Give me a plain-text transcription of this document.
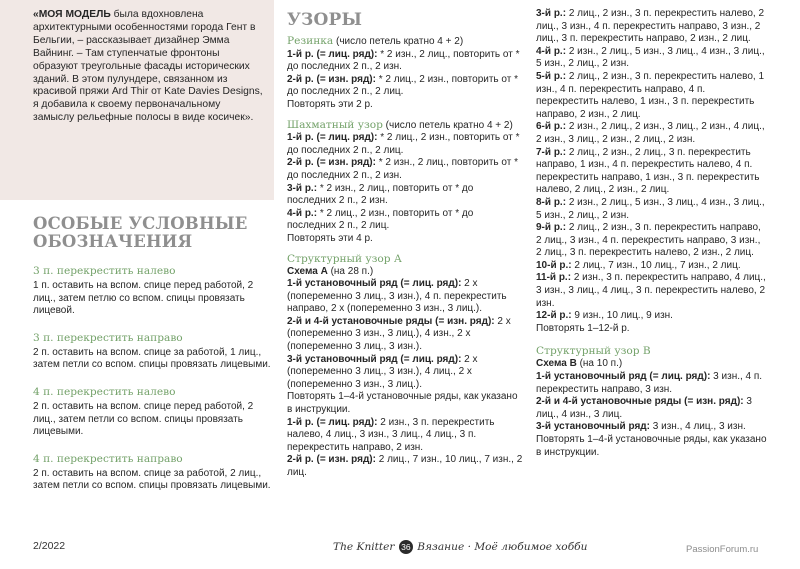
«МОЯ МОДЕЛЬ была вдохновлена архитектурными особенностями города Гент в Бельгии, – рассказывает дизайнер Эмма Вайнинг. – Там ступенчатые фронтоны образуют треугольные фасады исторических зданий. В этом пулундере, связанном из красивой пряжи Ard Thir от Kate Davies Designs, я добавила к своему первоначальному замыслу рельефные полосы в виде косичек».

ОСОБЫЕ УСЛОВНЫЕ ОБОЗНАЧЕНИЯ
3 п. перекрестить налево

1 п. оставить на вспом. спице перед работой, 2 лиц., затем петлю со вспом. спицы провязать лицевой.

3 п. перекрестить направо

2 п. оставить на вспом. спице за работой, 1 лиц., затем петли со вспом. спицы провязать лицевыми.

4 п. перекрестить налево

2 п. оставить на вспом. спице перед работой, 2 лиц., затем петли со вспом. спицы провязать лицевыми.

4 п. перекрестить направо

2 п. оставить на вспом. спице за работой, 2 лиц., затем петли со вспом. спицы провязать лицевыми.

УЗОРЫ

Резинка (число петель кратно 4 + 2)

1-й р. (= лиц. ряд): * 2 изн., 2 лиц., повторить от * до последних 2 п., 2 изн.

2-й р. (= изн. ряд): * 2 лиц., 2 изн., повторить от * до последних 2 п., 2 лиц.

Повторять эти 2 р.

Шахматный узор (число петель кратно 4 + 2)

1-й р. (= лиц. ряд): * 2 лиц., 2 изн., повторить от * до последних 2 п., 2 лиц.

2-й р. (= изн. ряд): * 2 изн., 2 лиц., повторить от * до последних 2 п., 2 изн.

3-й р.: * 2 изн., 2 лиц., повторить от * до последних 2 п., 2 изн.

4-й р.: * 2 лиц., 2 изн., повторить от * до последних 2 п., 2 лиц.

Повторять эти 4 р.

Структурный узор А

Схема А (на 28 п.)

1-й установочный ряд (= лиц. ряд): 2 х (попеременно 3 лиц., 3 изн.), 4 п. перекрестить направо, 2 х (попеременно 3 изн., 3 лиц.).

2-й и 4-й установочные ряды (= изн. ряд): 2 х (попеременно 3 изн., 3 лиц.), 4 изн., 2 х (попеременно 3 лиц., 3 изн.).

3-й установочный ряд (= лиц. ряд): 2 х (попеременно 3 лиц., 3 изн.), 4 лиц., 2 х (попеременно 3 изн., 3 лиц.).

Повторять 1–4-й установочные ряды, как указано в инструкции.

1-й р. (= лиц. ряд): 2 изн., 3 п. перекрестить налево, 4 лиц., 3 изн., 3 лиц., 4 лиц., 3 п. перекрестить направо, 2 изн.

2-й р. (= изн. ряд): 2 лиц., 7 изн., 10 лиц., 7 изн., 2 лиц.

3-й р.: 2 лиц., 2 изн., 3 п. перекрестить налево, 2 лиц., 3 изн., 4 п. перекрестить направо, 3 изн., 2 лиц., 3 п. перекрестить направо, 2 изн., 2 лиц.

4-й р.: 2 изн., 2 лиц., 5 изн., 3 лиц., 4 изн., 3 лиц., 5 изн., 2 лиц., 2 изн.

5-й р.: 2 лиц., 2 изн., 3 п. перекрестить налево, 1 изн., 4 п. перекрестить направо, 4 п. перекрестить налево, 1 изн., 3 п. перекрестить направо, 2 изн., 2 лиц.

6-й р.: 2 изн., 2 лиц., 2 изн., 3 лиц., 2 изн., 4 лиц., 2 изн., 3 лиц., 2 изн., 2 лиц., 2 изн.

7-й р.: 2 лиц., 2 изн., 2 лиц., 3 п. перекрестить направо, 1 изн., 4 п. перекрестить налево, 4 п. перекрестить направо, 1 изн., 3 п. перекрестить налево, 2 лиц., 2 изн., 2 лиц.

8-й р.: 2 изн., 2 лиц., 5 изн., 3 лиц., 4 изн., 3 лиц., 5 изн., 2 лиц., 2 изн.

9-й р.: 2 лиц., 2 изн., 3 п. перекрестить направо, 2 лиц., 3 изн., 4 п. перекрестить направо, 3 изн., 2 лиц., 3 п. перекрестить налево, 2 изн., 2 лиц.

10-й р.: 2 лиц., 7 изн., 10 лиц., 7 изн., 2 лиц.

11-й р.: 2 изн., 3 п. перекрестить направо, 4 лиц., 3 изн., 3 лиц., 4 лиц., 3 п. перекрестить налево, 2 изн.

12-й р.: 9 изн., 10 лиц., 9 изн.

Повторять 1–12-й р.

Структурный узор В

Схема В (на 10 п.)

1-й установочный ряд (= лиц. ряд): 3 изн., 4 п. перекрестить направо, 3 изн.

2-й и 4-й установочные ряды (= изн. ряд): 3 лиц., 4 изн., 3 лиц.

3-й установочный ряд: 3 изн., 4 лиц., 3 изн.

Повторять 1–4-й установочные ряды, как указано в инструкции.

2/2022	The Knitter 36 Вязание · Моё любимое хобби	PassionForum.ru
